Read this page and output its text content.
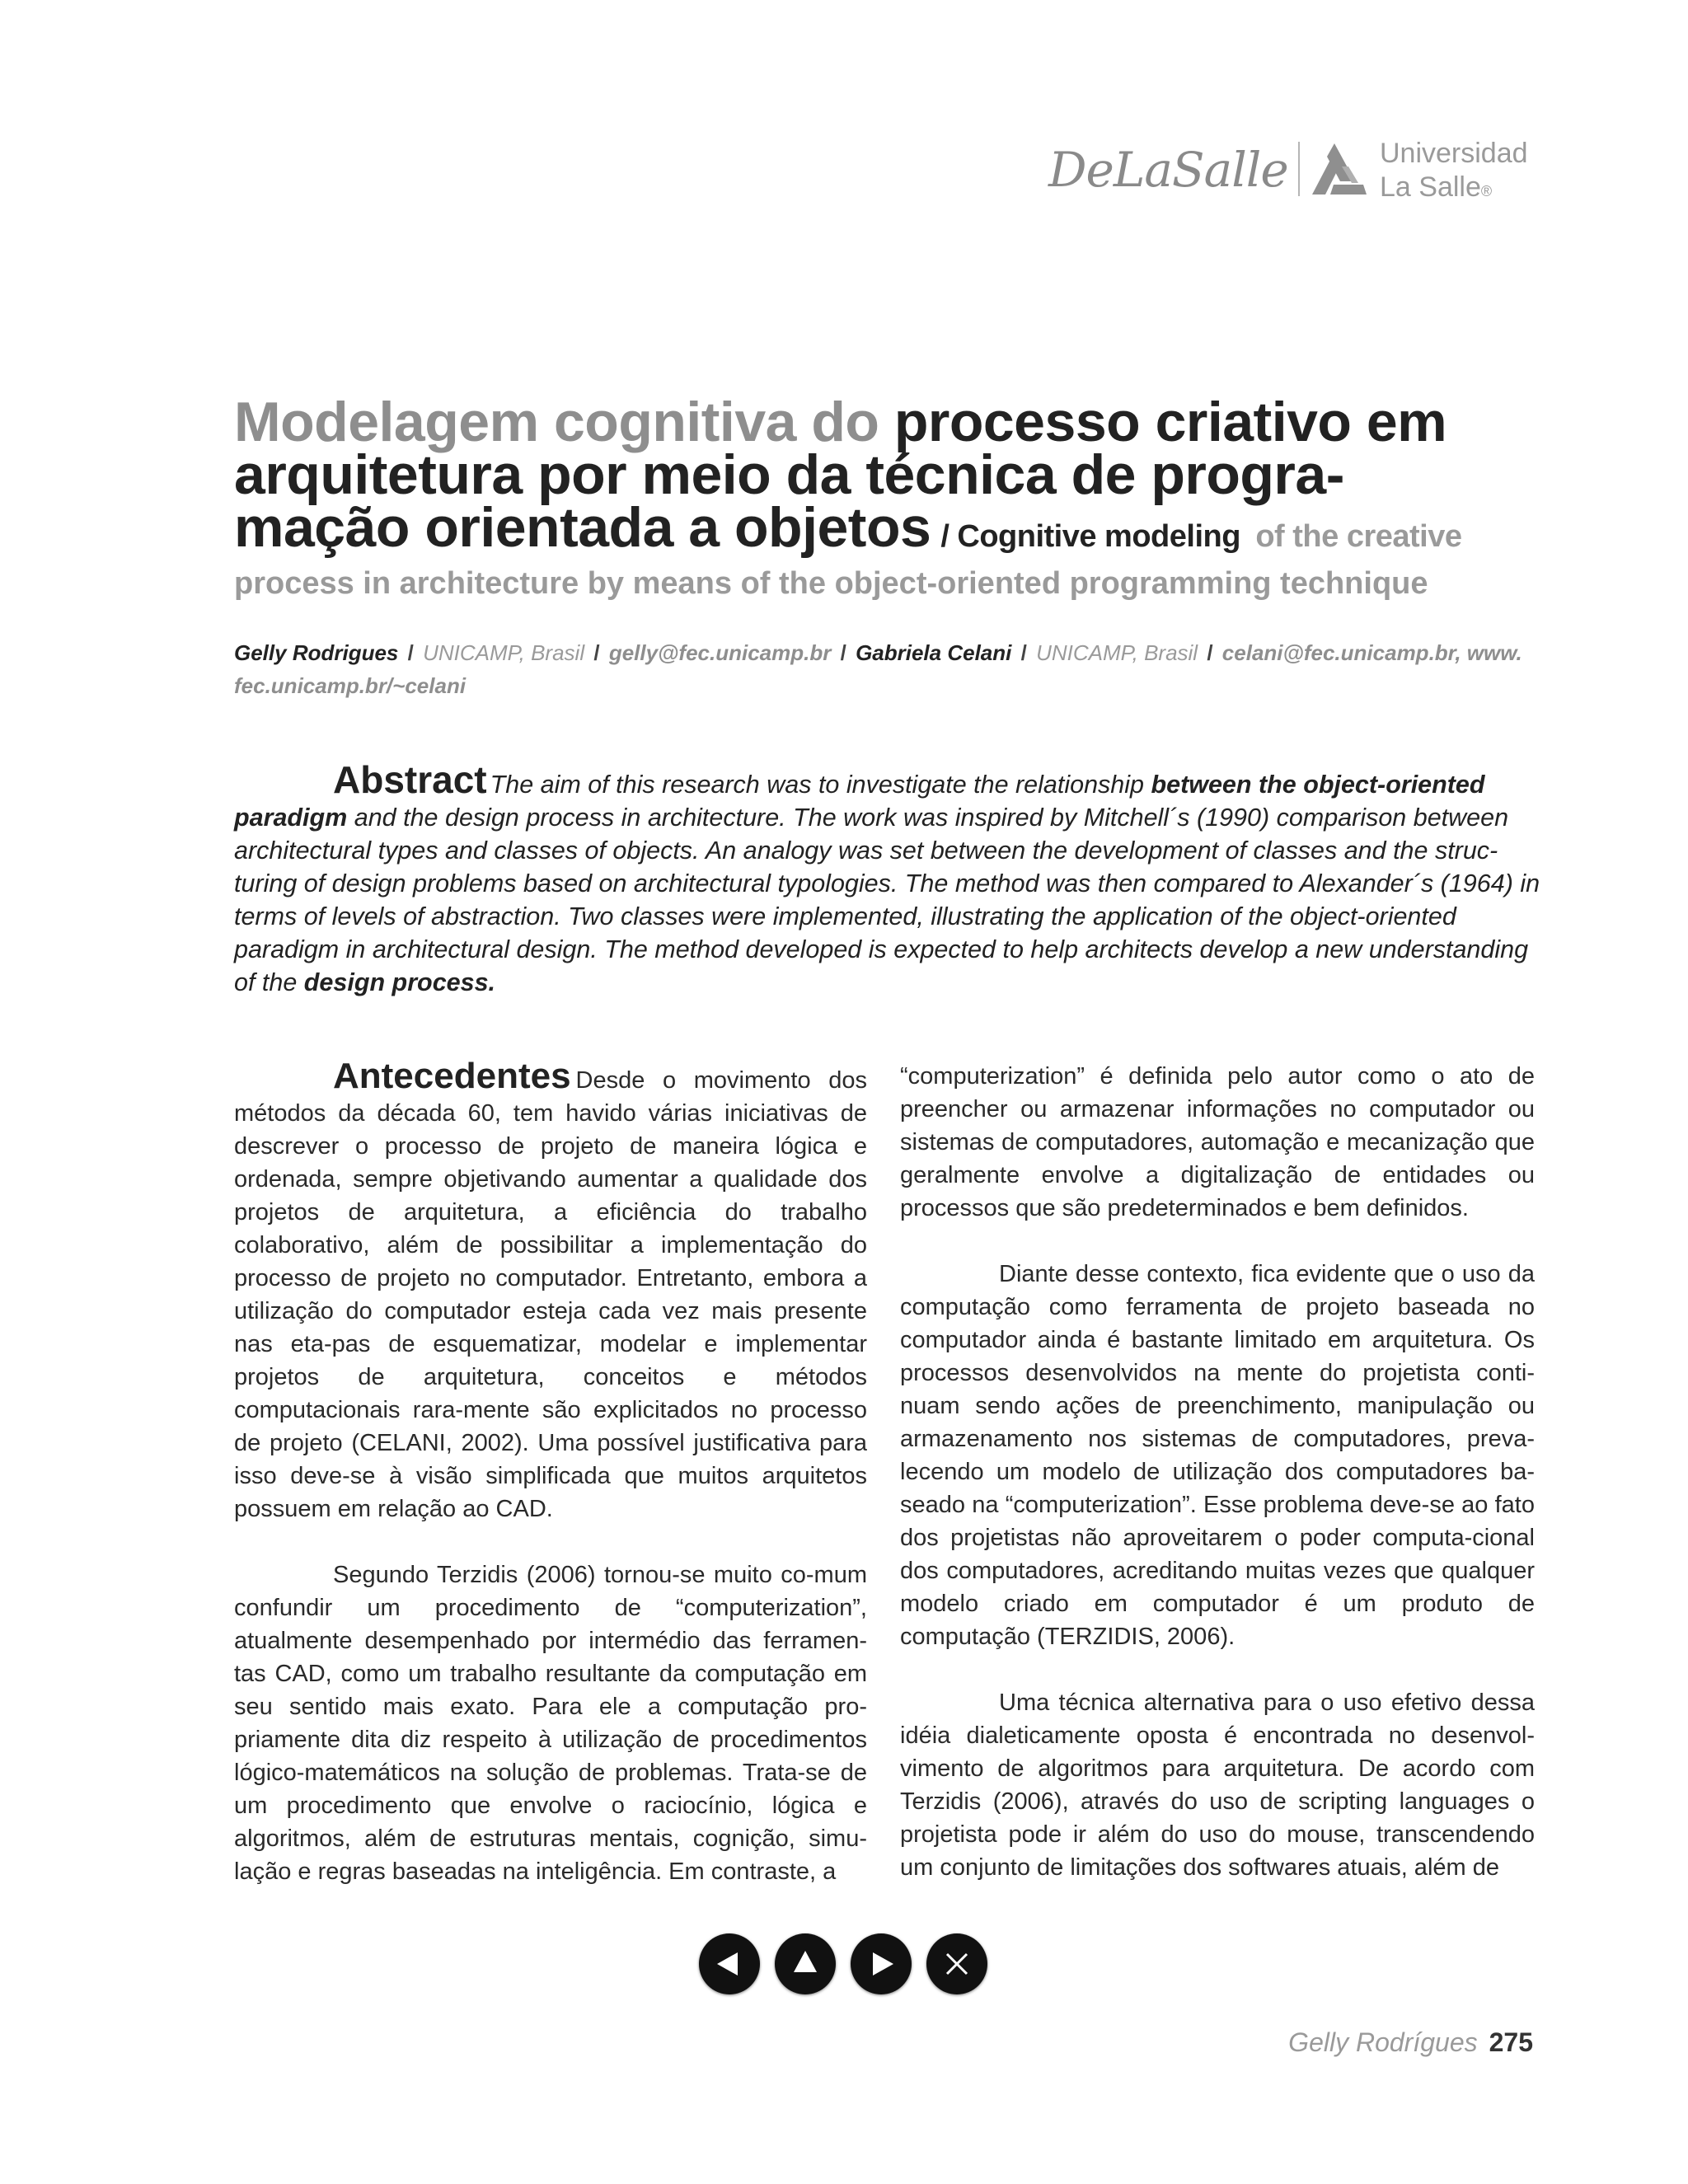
DeLaSalle	Universidad
La Salle®
Modelagem cognitiva do processo criativo em
arquitetura por meio da técnica de progra-
mação orientada a objetos / Cognitive modeling of the creative

process in architecture by means of the object-oriented programming technique

Gelly Rodrigues / UNICAMP, Brasil / gelly@fec.unicamp.br / Gabriela Celani / UNICAMP, Brasil / celani@fec.unicamp.br, www.
fec.unicamp.br/~celani

Abstract The aim of this research was to investigate the relationship between the object-oriented paradigm and the design process in architecture. The work was inspired by Mitchell´s (1990) comparison between architectural types and classes of objects. An analogy was set between the development of classes and the struc-turing of design problems based on architectural typologies. The method was then compared to Alexander´s (1964) in terms of levels of abstraction. Two classes were implemented, illustrating the application of the object-oriented paradigm in architectural design. The method developed is expected to help architects develop a new understanding of the design process.

Antecedentes Desde o movimento dos métodos da década 60, tem havido várias iniciativas de descrever o processo de projeto de maneira lógica e ordenada, sempre objetivando aumentar a qualidade dos projetos de arquitetura, a eficiência do trabalho colaborativo, além de possibilitar a implementação do processo de projeto no computador. Entretanto, embora a utilização do computador esteja cada vez mais presente nas eta-pas de esquematizar, modelar e implementar projetos de arquitetura, conceitos e métodos computacionais rara-mente são explicitados no processo de projeto (CELANI, 2002). Uma possível justificativa para isso deve-se à visão simplificada que muitos arquitetos possuem em relação ao CAD.

Segundo Terzidis (2006) tornou-se muito co-mum confundir um procedimento de “computerization”, atualmente desempenhado por intermédio das ferramen-tas CAD, como um trabalho resultante da computação em seu sentido mais exato. Para ele a computação pro-priamente dita diz respeito à utilização de procedimentos lógico-matemáticos na solução de problemas. Trata-se de um procedimento que envolve o raciocínio, lógica e algoritmos, além de estruturas mentais, cognição, simu-lação e regras baseadas na inteligência. Em contraste, a

“computerization” é definida pelo autor como o ato de preencher ou armazenar informações no computador ou sistemas de computadores, automação e mecanização que geralmente envolve a digitalização de entidades ou processos que são predeterminados e bem definidos.

Diante desse contexto, fica evidente que o uso da computação como ferramenta de projeto baseada no computador ainda é bastante limitado em arquitetura. Os processos desenvolvidos na mente do projetista conti-nuam sendo ações de preenchimento, manipulação ou armazenamento nos sistemas de computadores, preva-lecendo um modelo de utilização dos computadores ba-seado na “computerization”. Esse problema deve-se ao fato dos projetistas não aproveitarem o poder computa-cional dos computadores, acreditando muitas vezes que qualquer modelo criado em computador é um produto de computação (TERZIDIS, 2006).

Uma técnica alternativa para o uso efetivo dessa idéia dialeticamente oposta é encontrada no desenvol-vimento de algoritmos para arquitetura. De acordo com Terzidis (2006), através do uso de scripting languages o projetista pode ir além do uso do mouse, transcendendo um conjunto de limitações dos softwares atuais, além de

Gelly Rodrígues 275
